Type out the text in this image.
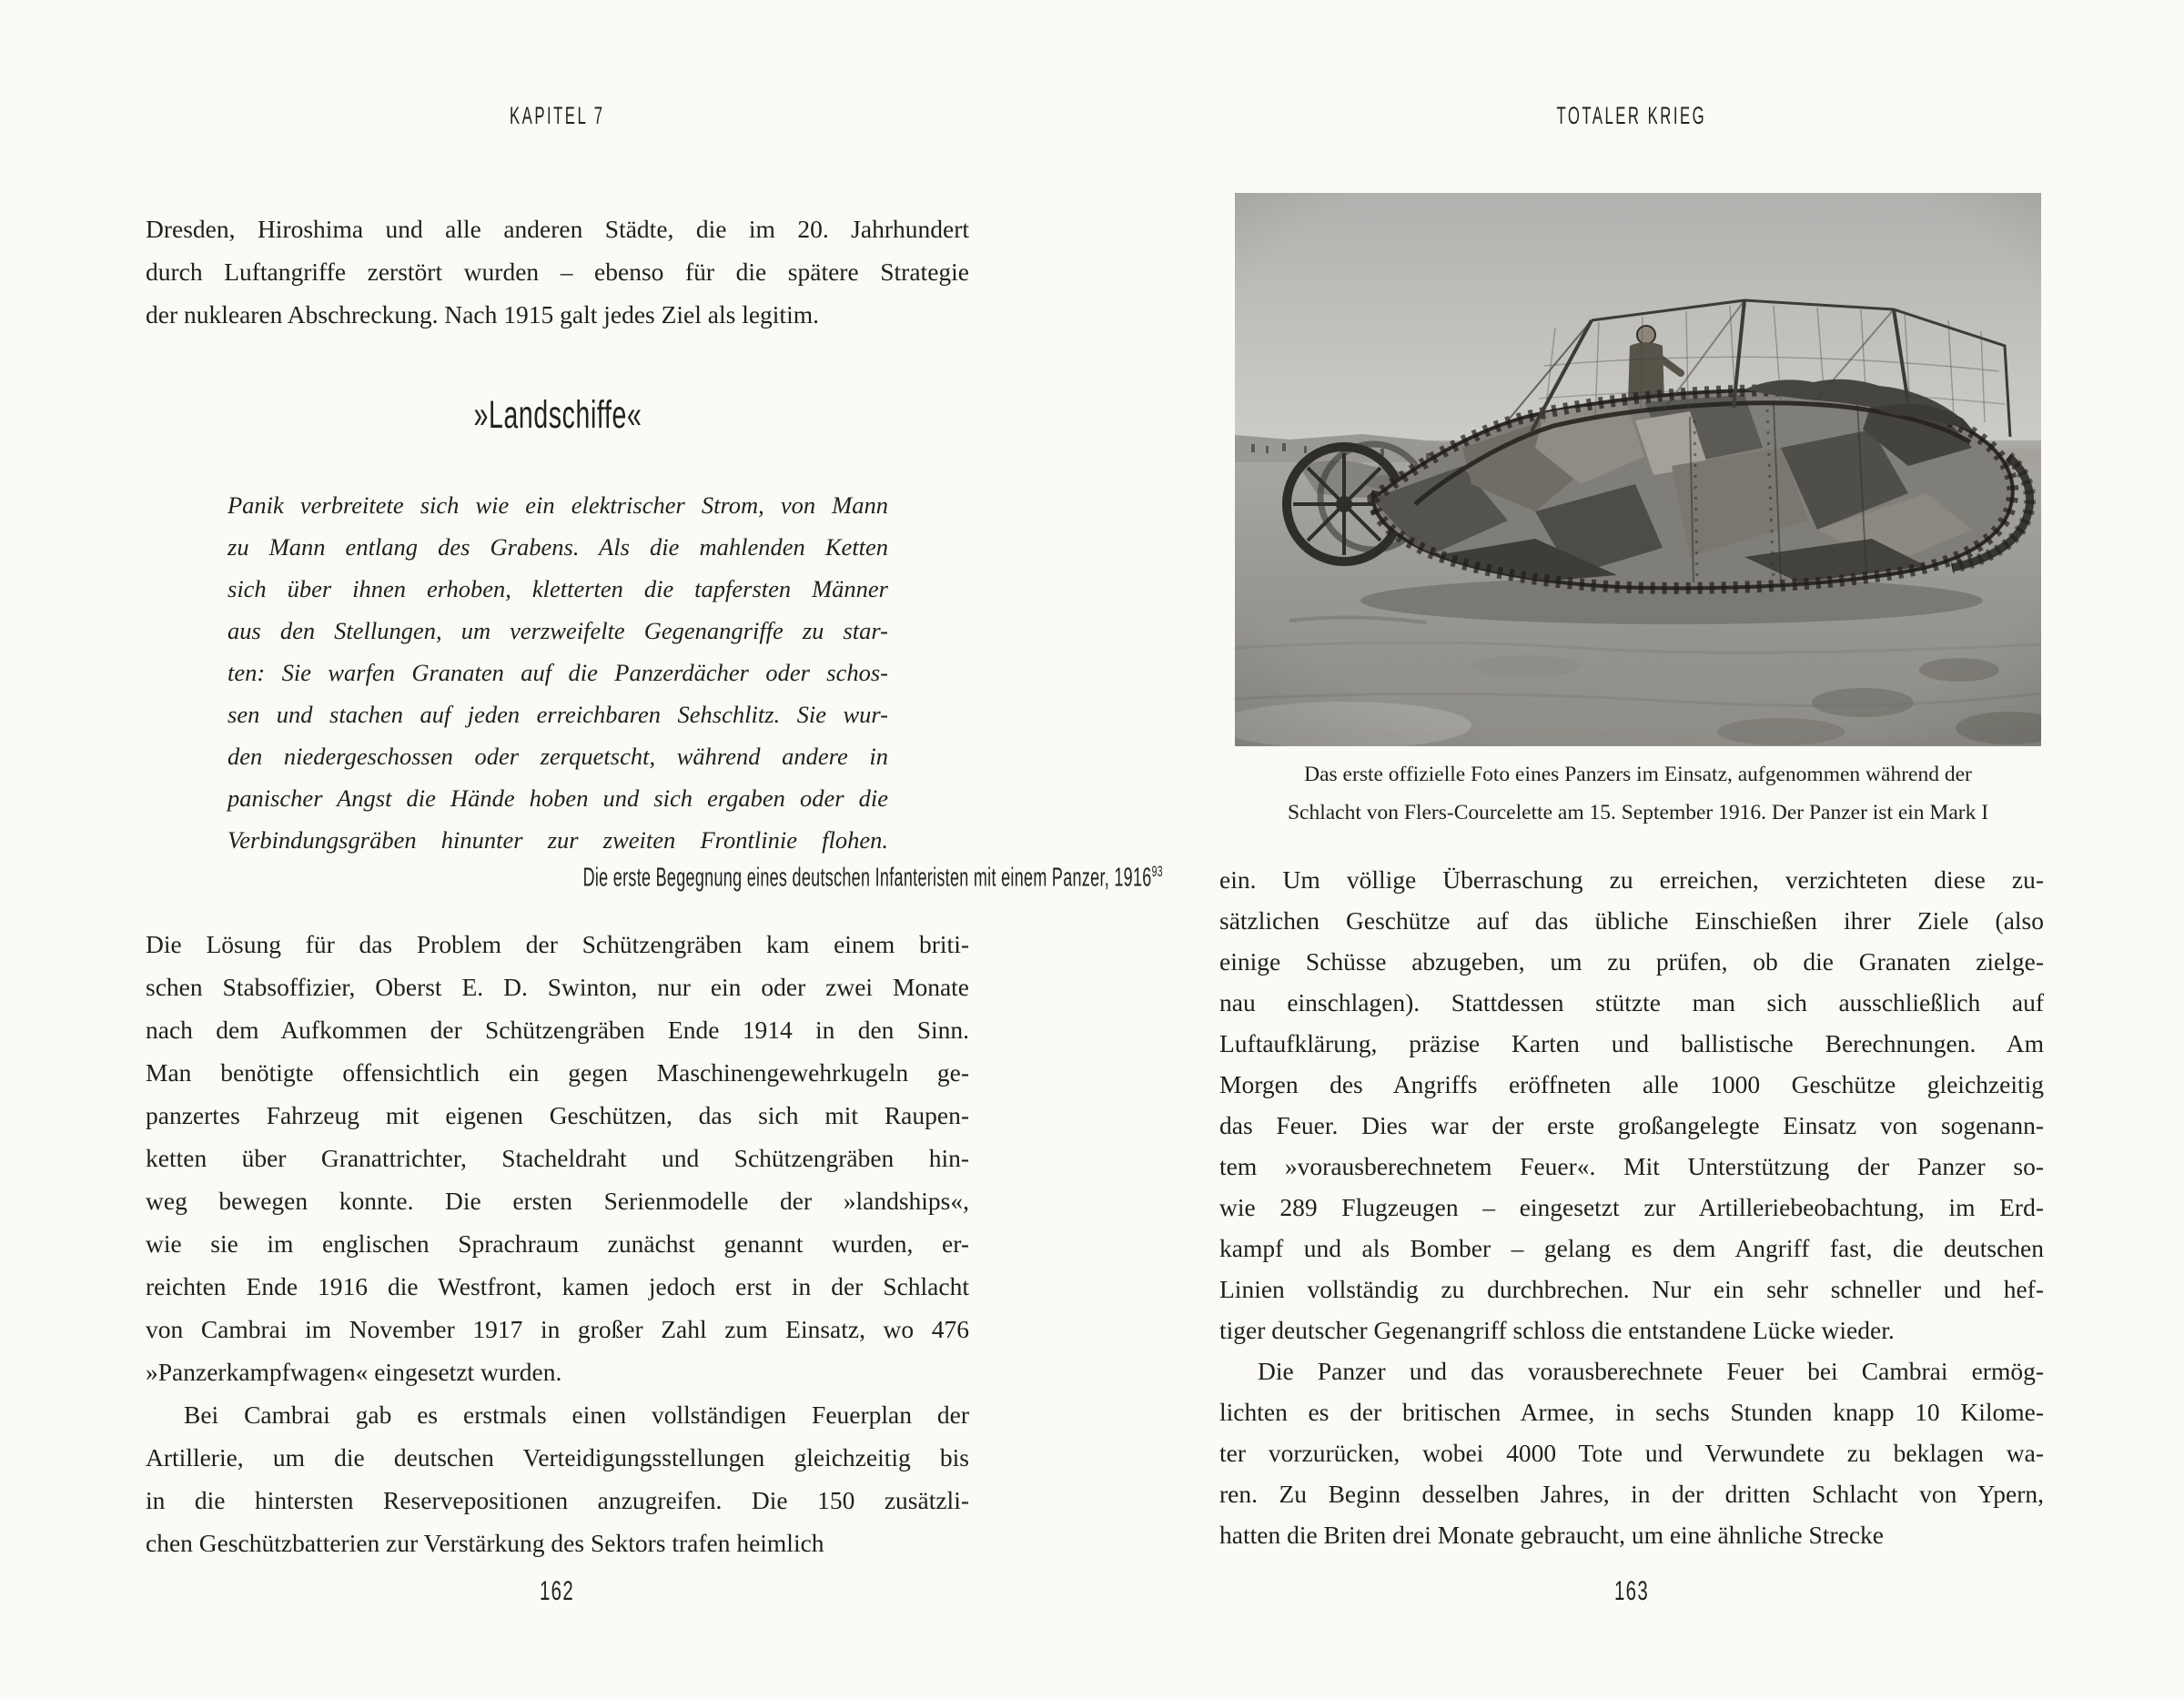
KAPITEL 7
Dresden, Hiroshima und alle anderen Städte, die im 20. Jahrhundert
durch Luftangriffe zerstört wurden – ebenso für die spätere Strategie
der nuklearen Abschreckung. Nach 1915 galt jedes Ziel als legitim.
»Landschiffe«
Panik verbreitete sich wie ein elektrischer Strom, von Mann
zu Mann entlang des Grabens. Als die mahlenden Ketten
sich über ihnen erhoben, kletterten die tapfersten Männer
aus den Stellungen, um verzweifelte Gegenangriffe zu star-
ten: Sie warfen Granaten auf die Panzerdächer oder schos-
sen und stachen auf jeden erreichbaren Sehschlitz. Sie wur-
den niedergeschossen oder zerquetscht, während andere in
panischer Angst die Hände hoben und sich ergaben oder die
Verbindungsgräben hinunter zur zweiten Frontlinie flohen.
Die erste Begegnung eines deutschen Infanteristen mit einem Panzer, 1916$^{93}$
Die Lösung für das Problem der Schützengräben kam einem briti-
schen Stabsoffizier, Oberst E. D. Swinton, nur ein oder zwei Monate
nach dem Aufkommen der Schützengräben Ende 1914 in den Sinn.
Man benötigte offensichtlich ein gegen Maschinengewehrkugeln ge-
panzertes Fahrzeug mit eigenen Geschützen, das sich mit Raupen-
ketten über Granattrichter, Stacheldraht und Schützengräben hin-
weg bewegen konnte. Die ersten Serienmodelle der »landships«,
wie sie im englischen Sprachraum zunächst genannt wurden, er-
reichten Ende 1916 die Westfront, kamen jedoch erst in der Schlacht
von Cambrai im November 1917 in großer Zahl zum Einsatz, wo 476
»Panzerkampfwagen« eingesetzt wurden.
Bei Cambrai gab es erstmals einen vollständigen Feuerplan der
Artillerie, um die deutschen Verteidigungsstellungen gleichzeitig bis
in die hintersten Reservepositionen anzugreifen. Die 150 zusätzli-
chen Geschützbatterien zur Verstärkung des Sektors trafen heimlich
162
TOTALER KRIEG
Das erste offizielle Foto eines Panzers im Einsatz, aufgenommen während der
Schlacht von Flers-Courcelette am 15. September 1916. Der Panzer ist ein Mark I
ein. Um völlige Überraschung zu erreichen, verzichteten diese zu-
sätzlichen Geschütze auf das übliche Einschießen ihrer Ziele (also
einige Schüsse abzugeben, um zu prüfen, ob die Granaten zielge-
nau einschlagen). Stattdessen stützte man sich ausschließlich auf
Luftaufklärung, präzise Karten und ballistische Berechnungen. Am
Morgen des Angriffs eröffneten alle 1000 Geschütze gleichzeitig
das Feuer. Dies war der erste großangelegte Einsatz von sogenann-
tem »vorausberechnetem Feuer«. Mit Unterstützung der Panzer so-
wie 289 Flugzeugen – eingesetzt zur Artilleriebeobachtung, im Erd-
kampf und als Bomber – gelang es dem Angriff fast, die deutschen
Linien vollständig zu durchbrechen. Nur ein sehr schneller und hef-
tiger deutscher Gegenangriff schloss die entstandene Lücke wieder.
Die Panzer und das vorausberechnete Feuer bei Cambrai ermög-
lichten es der britischen Armee, in sechs Stunden knapp 10 Kilome-
ter vorzurücken, wobei 4000 Tote und Verwundete zu beklagen wa-
ren. Zu Beginn desselben Jahres, in der dritten Schlacht von Ypern,
hatten die Briten drei Monate gebraucht, um eine ähnliche Strecke
163
